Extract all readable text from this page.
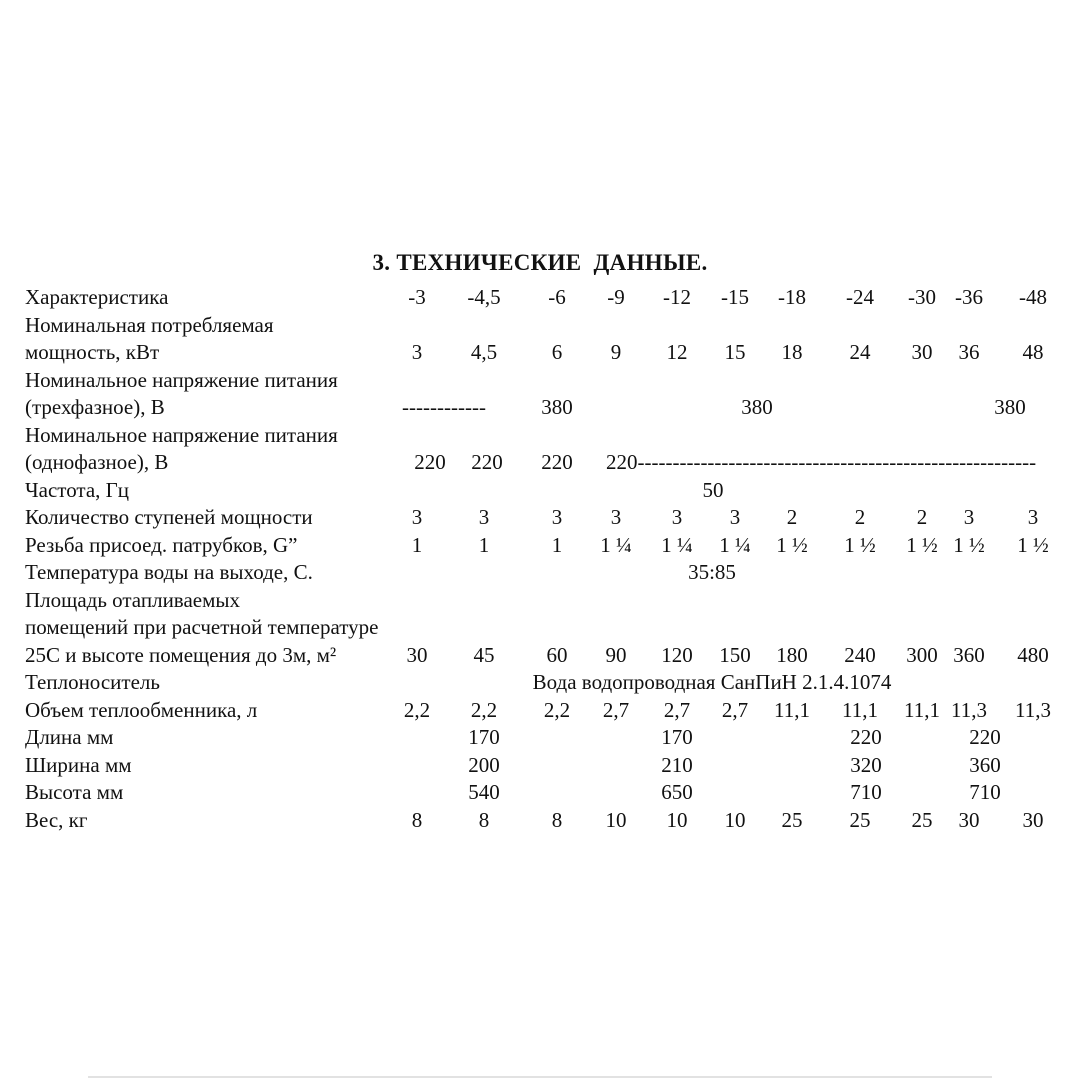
3. ТЕХНИЧЕСКИЕ  ДАННЫЕ.
Характеристика	-3 -4,5 -6 -9 -12 -15 -18 -24 -30 -36 -48
Номинальная потребляемая
мощность, кВт	3 4,5	6 9 12 15 18 24 30 36 48
Номинальное напряжение питания
(трехфазное), В	------------	380	380	380
Номинальное напряжение питания
(однофазное), В	220 220 220 220---------------------------------------------------------
Частота, Гц	50
Количество ступеней мощности	3	3	3 3 3 3 2	2 2 3	3
Резьба присоед. патрубков, G”	1	1	1 1 ¼ 1 ¼ 1 ¼ 1 ½ 1 ½ 1 ½ 1 ½ 1 ½
Температура воды на выходе, С.	35:85
Площадь отапливаемых
помещений при расчетной температуре
25С и высоте помещения до 3м, м²	30 45 60 90 120 150 180 240 300 360 480
Теплоноситель	Вода водопроводная СанПиН 2.1.4.1074
Объем теплообменника, л	2,2 2,2 2,2 2,7 2,7 2,7 11,1 11,1 11,1 11,3 11,3
Длина мм	170	170	220	220
Ширина мм	200	210	320	360
Высота мм	540	650	710	710
Вес, кг	8	8	8 10 10 10 25 25 25 30 30
